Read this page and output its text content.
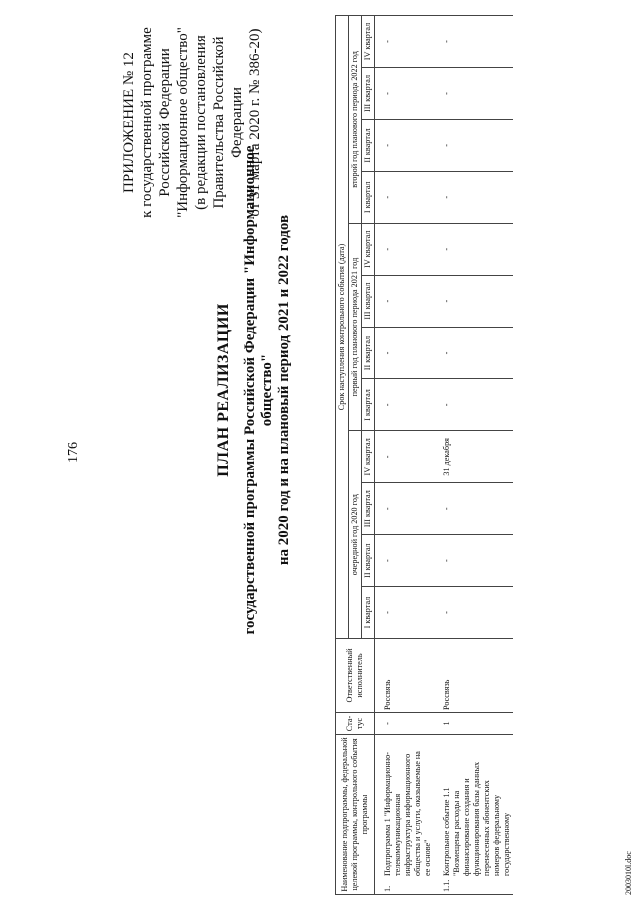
176
ПРИЛОЖЕНИЕ № 12 к государственной программе Российской Федерации "Информационное общество" (в редакции постановления Правительства Российской Федерации от 31 марта 2020 г. № 386-20)
ПЛАН РЕАЛИЗАЦИИ государственной программы Российской Федерации "Информационное общество" на 2020 год и на плановый период 2021 и 2022 годов
Наименование подпрограммы, федеральной целевой программы, контрольного события программы	Ста-тус	Ответственный исполнитель	Срок наступления контрольного события (дата)											
			очередной год 2020 год				первый год планового периода 2021 год				второй год планового периода 2022 год			
			I квартал	II квартал	III квартал	IV квартал	I квартал	II квартал	III квартал	IV квартал	I квартал	II квартал	III квартал	IV квартал
1.Подпрограмма 1 "Информационно-телекоммуникационная инфраструктура информационного общества и услуги, оказываемые на ее основе"	-	Россвязь	-	-	-	-	-	-	-	-	-	-	-	-
1.1.Контрольное событие 1.1 "Возмещены расходы на финансирование создания и функционирования базы данных перенесенных абонентских номеров федеральному государственному	1	Россвязь	-	-	-	31 декабря	-	-	-	-	-	-	-	-
2003010l.doc
